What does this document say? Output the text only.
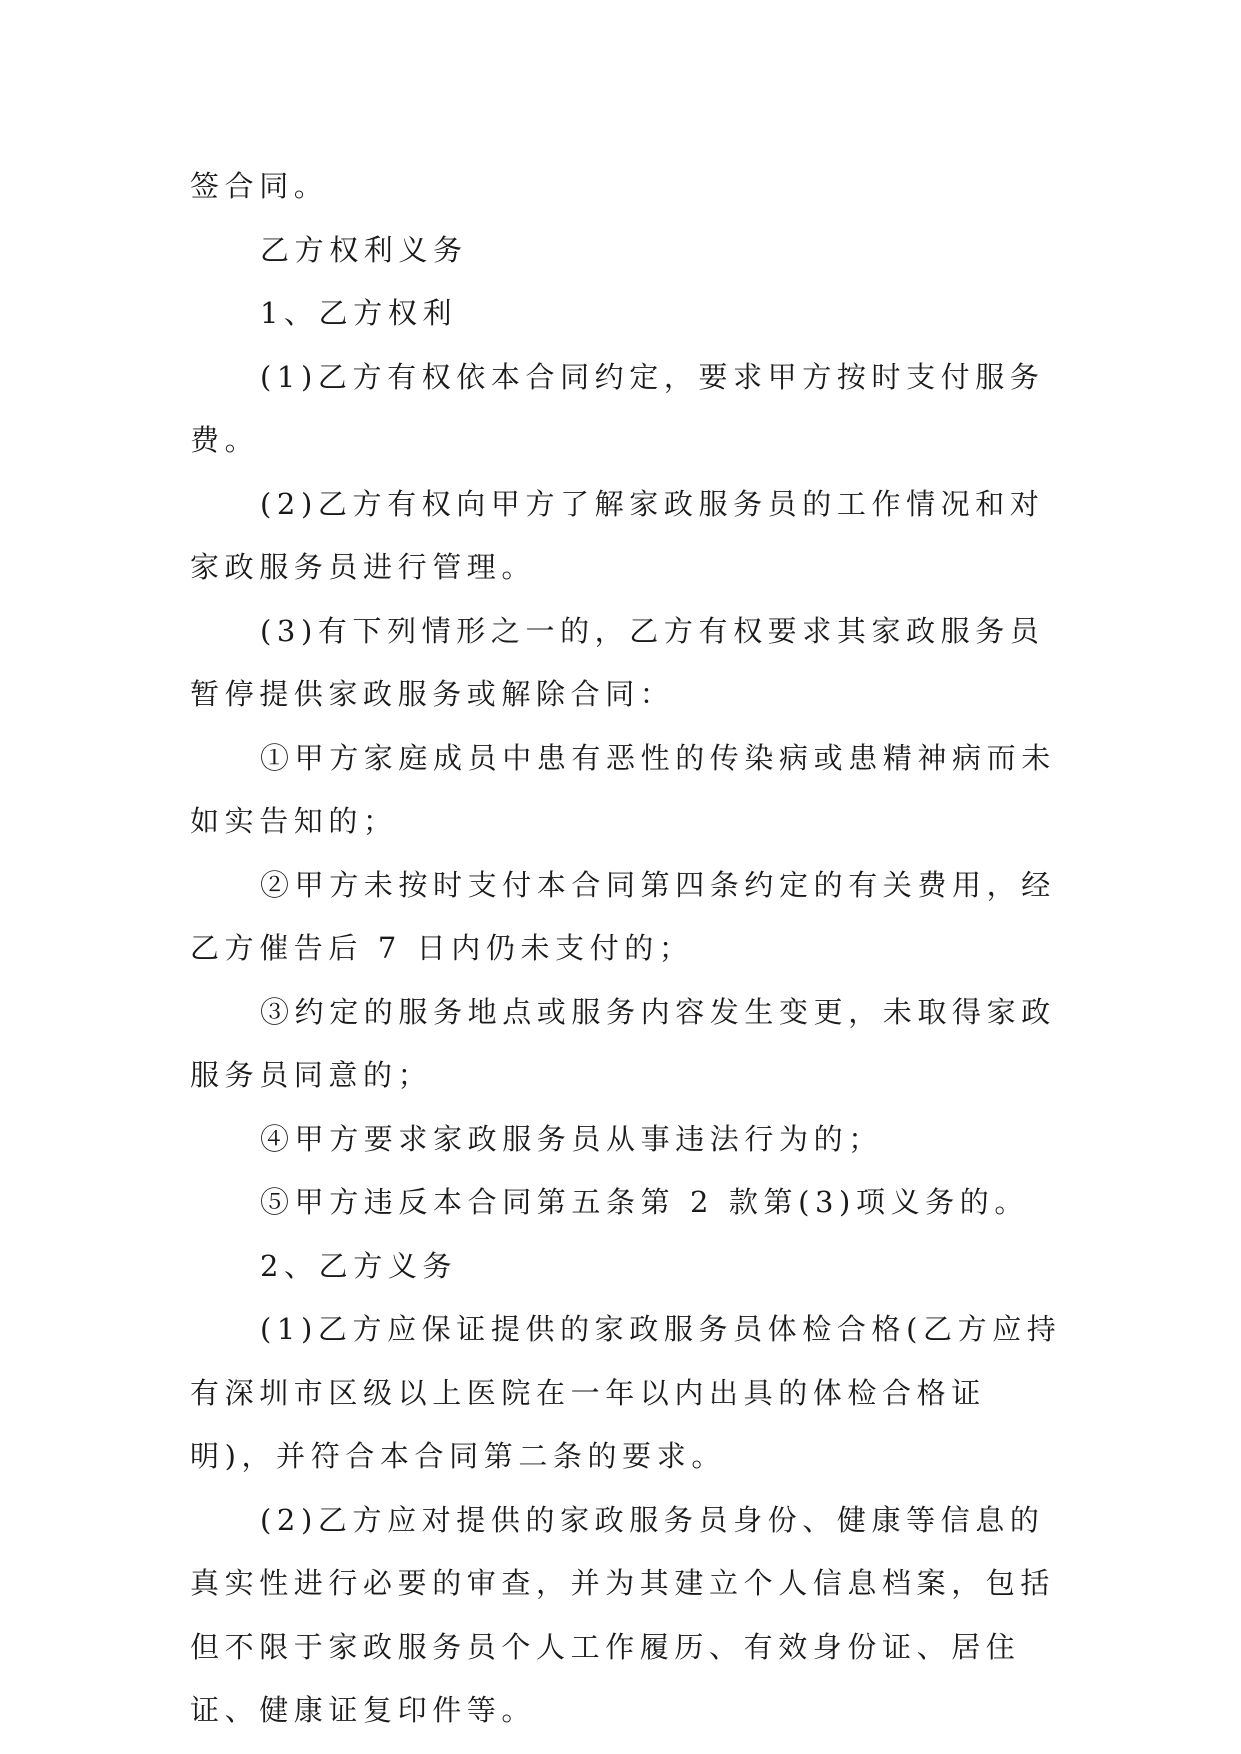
签合同。

乙方权利义务

1、乙方权利

(1)乙方有权依本合同约定，要求甲方按时支付服务费。

(2)乙方有权向甲方了解家政服务员的工作情况和对家政服务员进行管理。

(3)有下列情形之一的，乙方有权要求其家政服务员暂停提供家政服务或解除合同：

①甲方家庭成员中患有恶性的传染病或患精神病而未如实告知的；

②甲方未按时支付本合同第四条约定的有关费用，经乙方催告后 7 日内仍未支付的；

③约定的服务地点或服务内容发生变更，未取得家政服务员同意的；

④甲方要求家政服务员从事违法行为的；

⑤甲方违反本合同第五条第 2 款第(3)项义务的。

2、乙方义务

(1)乙方应保证提供的家政服务员体检合格(乙方应持有深圳市区级以上医院在一年以内出具的体检合格证明)，并符合本合同第二条的要求。

(2)乙方应对提供的家政服务员身份、健康等信息的真实性进行必要的审查，并为其建立个人信息档案，包括但不限于家政服务员个人工作履历、有效身份证、居住证、健康证复印件等。
